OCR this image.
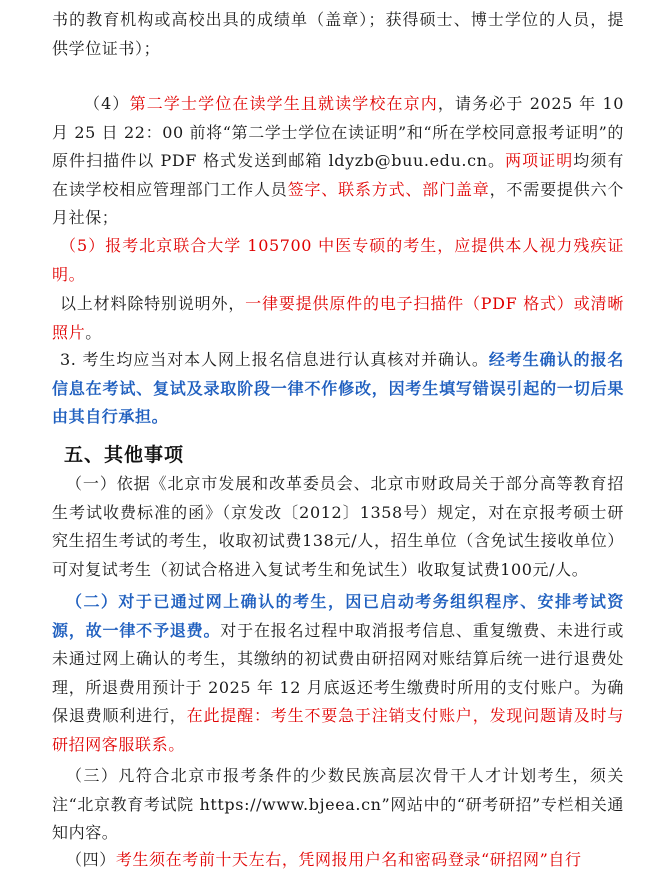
书的教育机构或高校出具的成绩单（盖章）；获得硕士、博士学位的人员，提供学位证书）；

（4）第二学士学位在读学生且就读学校在京内，请务必于 2025 年 10 月 25 日 22：00 前将“第二学士学位在读证明”和“所在学校同意报考证明”的原件扫描件以 PDF 格式发送到邮箱 ldyzb@buu.edu.cn。两项证明均须有在读学校相应管理部门工作人员签字、联系方式、部门盖章，不需要提供六个月社保；

（5）报考北京联合大学 105700 中医专硕的考生，应提供本人视力残疾证明。

以上材料除特别说明外，一律要提供原件的电子扫描件（PDF 格式）或清晰照片。

3. 考生均应当对本人网上报名信息进行认真核对并确认。经考生确认的报名信息在考试、复试及录取阶段一律不作修改，因考生填写错误引起的一切后果由其自行承担。

五、其他事项

（一）依据《北京市发展和改革委员会、北京市财政局关于部分高等教育招生考试收费标准的函》（京发改〔2012〕1358号）规定，对在京报考硕士研究生招生考试的考生，收取初试费138元/人，招生单位（含免试生接收单位）可对复试考生（初试合格进入复试考生和免试生）收取复试费100元/人。

（二）对于已通过网上确认的考生，因已启动考务组织程序、安排考试资源，故一律不予退费。对于在报名过程中取消报考信息、重复缴费、未进行或未通过网上确认的考生，其缴纳的初试费由研招网对账结算后统一进行退费处理，所退费用预计于 2025 年 12 月底返还考生缴费时所用的支付账户。为确保退费顺利进行，在此提醒：考生不要急于注销支付账户，发现问题请及时与研招网客服联系。

（三）凡符合北京市报考条件的少数民族高层次骨干人才计划考生，须关注“北京教育考试院 https://www.bjeea.cn”网站中的“研考研招”专栏相关通知内容。

（四）考生须在考前十天左右，凭网报用户名和密码登录“研招网”自行
